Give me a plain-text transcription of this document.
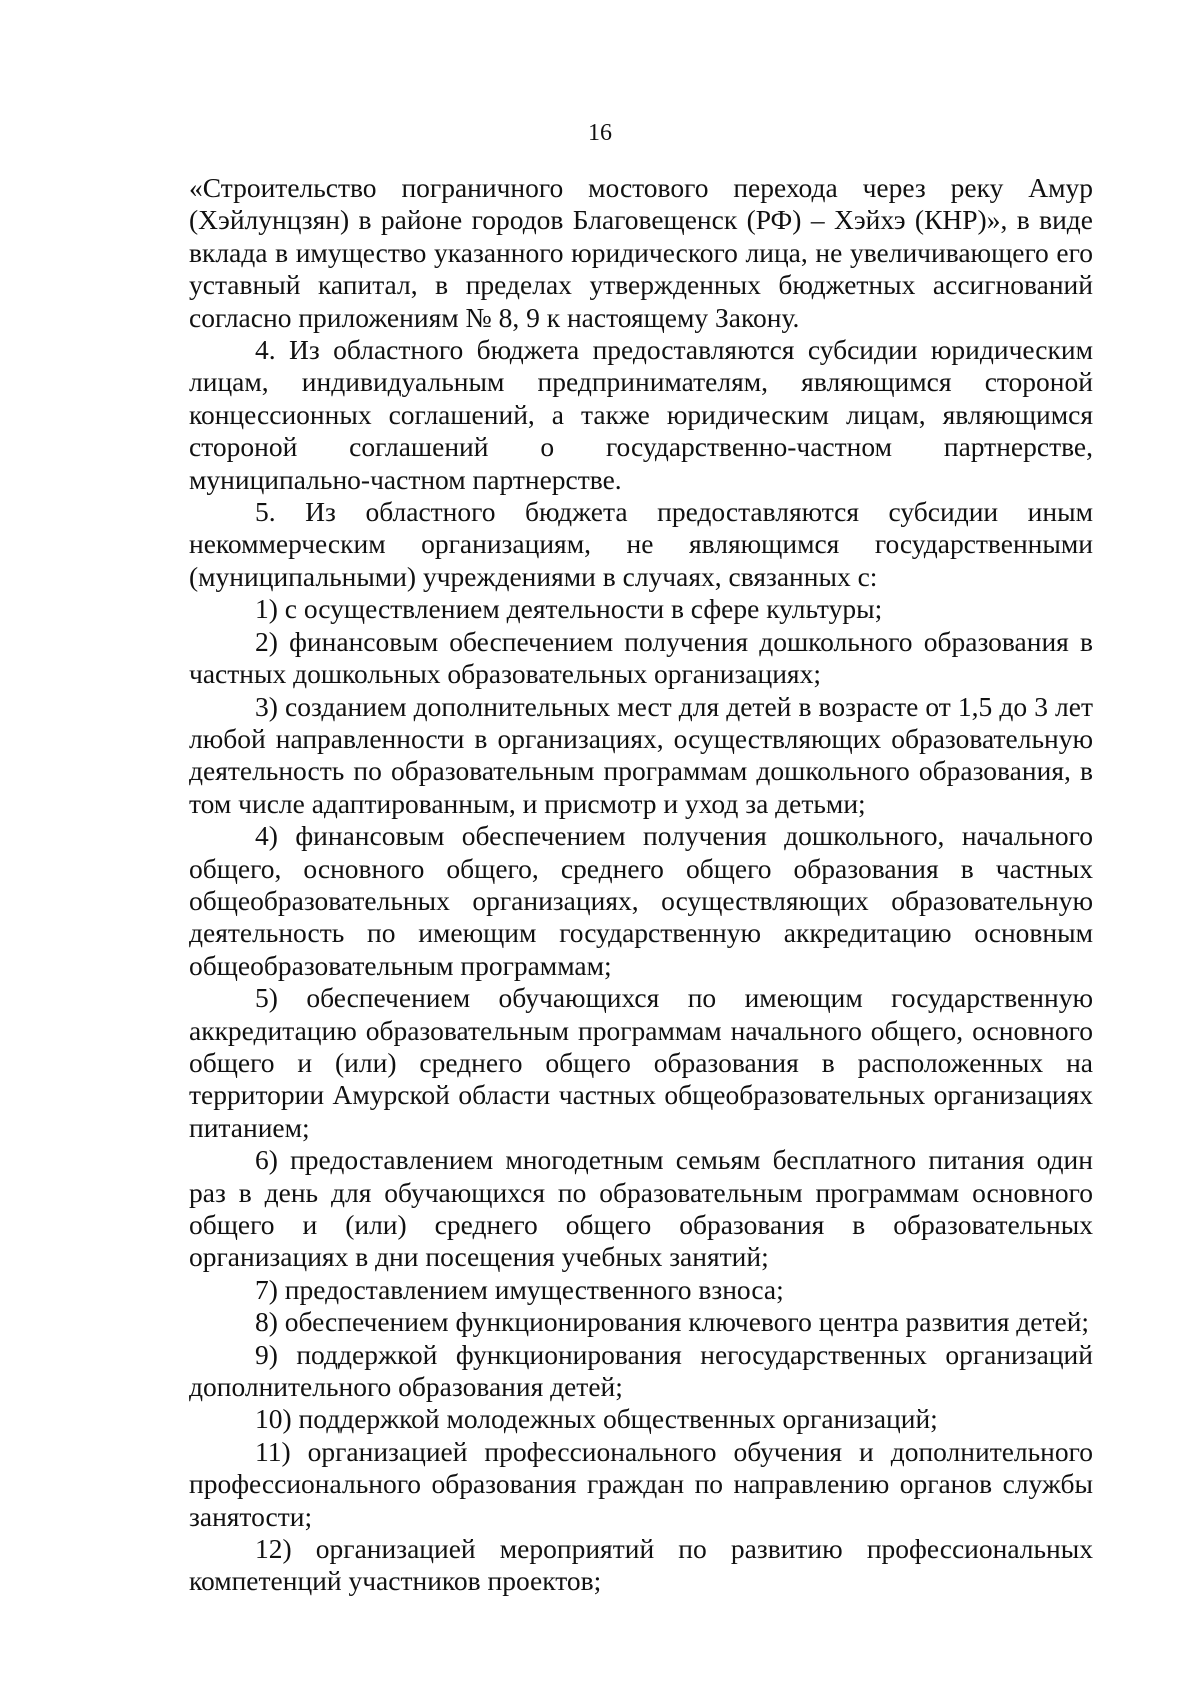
16

«Строительство пограничного мостового перехода через реку Амур (Хэйлунцзян) в районе городов Благовещенск (РФ) – Хэйхэ (КНР)», в виде вклада в имущество указанного юридического лица, не увеличивающего его уставный капитал, в пределах утвержденных бюджетных ассигнований согласно приложениям № 8, 9 к настоящему Закону.

4. Из областного бюджета предоставляются субсидии юридическим лицам, индивидуальным предпринимателям, являющимся стороной концессионных соглашений, а также юридическим лицам, являющимся стороной соглашений о государственно-частном партнерстве, муниципально-частном партнерстве.

5. Из областного бюджета предоставляются субсидии иным некоммерческим организациям, не являющимся государственными (муниципальными) учреждениями в случаях, связанных с:

1) с осуществлением деятельности в сфере культуры;

2) финансовым обеспечением получения дошкольного образования в частных дошкольных образовательных организациях;

3) созданием дополнительных мест для детей в возрасте от 1,5 до 3 лет любой направленности в организациях, осуществляющих образовательную деятельность по образовательным программам дошкольного образования, в том числе адаптированным, и присмотр и уход за детьми;

4) финансовым обеспечением получения дошкольного, начального общего, основного общего, среднего общего образования в частных общеобразовательных организациях, осуществляющих образовательную деятельность по имеющим государственную аккредитацию основным общеобразовательным программам;

5) обеспечением обучающихся по имеющим государственную аккредитацию образовательным программам начального общего, основного общего и (или) среднего общего образования в расположенных на территории Амурской области частных общеобразовательных организациях питанием;

6) предоставлением многодетным семьям бесплатного питания один раз в день для обучающихся по образовательным программам основного общего и (или) среднего общего образования в образовательных организациях в дни посещения учебных занятий;

7) предоставлением имущественного взноса;

8) обеспечением функционирования ключевого центра развития детей;

9) поддержкой функционирования негосударственных организаций дополнительного образования детей;

10) поддержкой молодежных общественных организаций;

11) организацией профессионального обучения и дополнительного профессионального образования граждан по направлению органов службы занятости;

12) организацией мероприятий по развитию профессиональных компетенций участников проектов;
